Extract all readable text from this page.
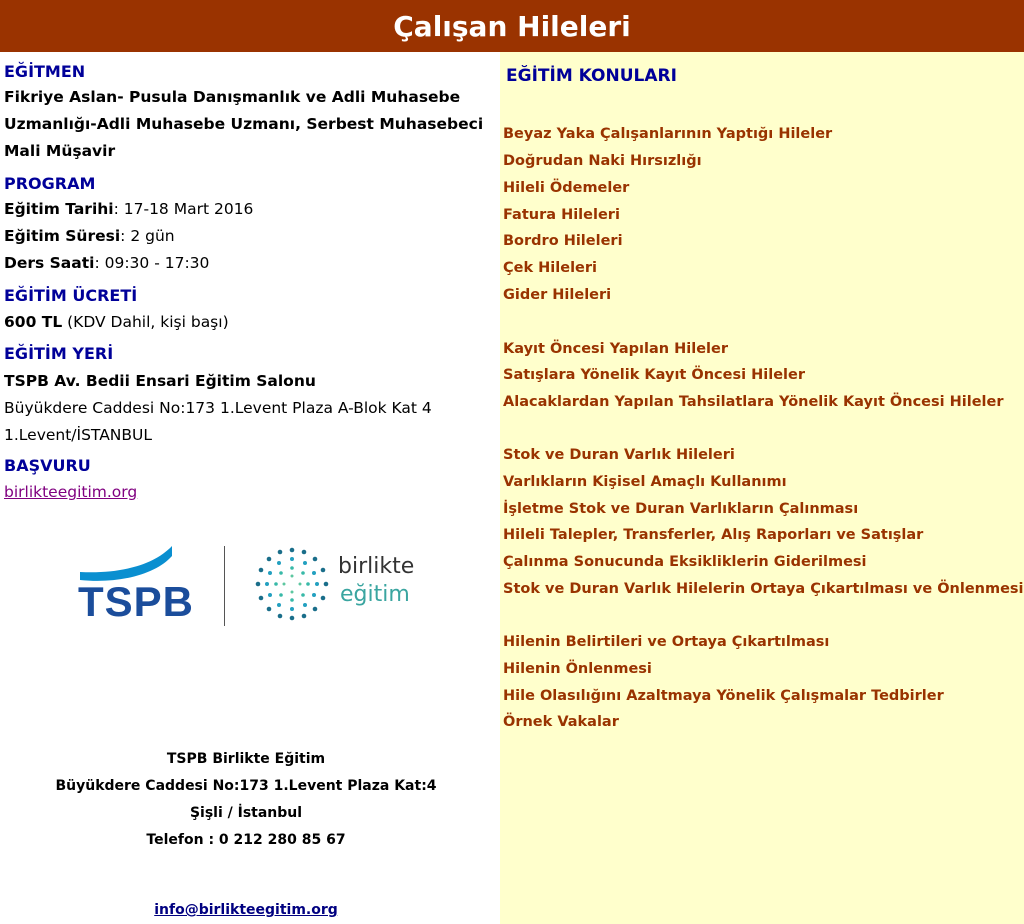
Çalışan Hileleri
EĞİTMEN
Fikriye Aslan- Pusula Danışmanlık ve Adli Muhasebe
Uzmanlığı-Adli Muhasebe Uzmanı, Serbest Muhasebeci
Mali Müşavir
PROGRAM
Eğitim Tarihi: 17-18 Mart 2016
Eğitim Süresi: 2 gün
Ders Saati: 09:30 - 17:30
EĞİTİM ÜCRETİ
600 TL (KDV Dahil, kişi başı)
EĞİTİM YERİ
TSPB Av. Bedii Ensari Eğitim Salonu
Büyükdere Caddesi No:173 1.Levent Plaza A-Blok Kat 4
1.Levent/İSTANBUL
BAŞVURU
birlikteegitim.org
TSPB
birlikte
eğitim
TSPB Birlikte Eğitim
Büyükdere Caddesi No:173 1.Levent Plaza Kat:4
Şişli / İstanbul
Telefon : 0 212 280 85 67
info@birlikteegitim.org
EĞİTİM KONULARI
Beyaz Yaka Çalışanlarının Yaptığı Hileler
Doğrudan Naki Hırsızlığı
Hileli Ödemeler
Fatura Hileleri
Bordro Hileleri
Çek Hileleri
Gider Hileleri
Kayıt Öncesi Yapılan Hileler
Satışlara Yönelik Kayıt Öncesi Hileler
Alacaklardan Yapılan Tahsilatlara Yönelik Kayıt Öncesi Hileler
Stok ve Duran Varlık Hileleri
Varlıkların Kişisel Amaçlı Kullanımı
İşletme Stok ve Duran Varlıkların Çalınması
Hileli Talepler, Transferler, Alış Raporları ve Satışlar
Çalınma Sonucunda Eksikliklerin Giderilmesi
Stok ve Duran Varlık Hilelerin Ortaya Çıkartılması ve Önlenmesi
Hilenin Belirtileri ve Ortaya Çıkartılması
Hilenin Önlenmesi
Hile Olasılığını Azaltmaya Yönelik Çalışmalar Tedbirler
Örnek Vakalar
